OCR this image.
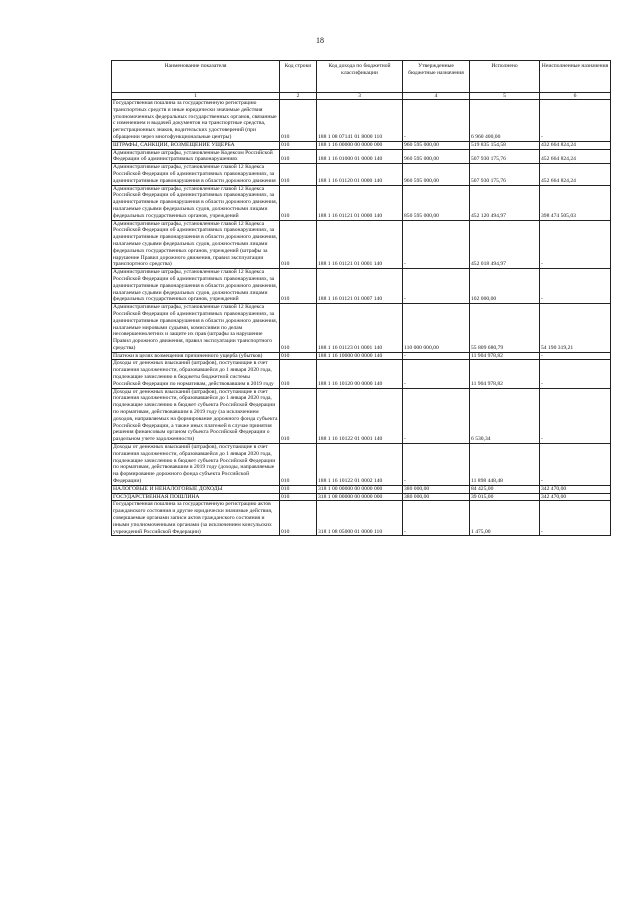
18
Наименование показателя	Код строки	Код дохода по бюджетной классификации	Утвержденные бюджетные назначения	Исполнено	Неисполненные назначения
1	2	3	4	5	6
Государственная пошлина за государственную регистрацию транспортных средств и иные юридически значимые действия уполномоченных федеральных государственных органов, связанные с изменением и выдачей документов на транспортные средства, регистрационных знаков, водительских удостоверений (при обращении через многофункциональные центры)	010	188 1 08 07141 01 8000 110	-	6 960 400,00	-
ШТРАФЫ, САНКЦИИ, ВОЗМЕЩЕНИЕ УЩЕРБА	010	188 1 16 00000 00 0000 000	960 595 000,00	519 835 154,58	432 664 824,24
Административные штрафы, установленные Кодексом Российской Федерации об административных правонарушениях	010	188 1 16 01000 01 0000 140	960 595 000,00	507 930 175,76	452 664 824,24
Административные штрафы, установленные главой 12 Кодекса Российской Федерации об административных правонарушениях, за административные правонарушения в области дорожного движения	010	188 1 16 01120 01 0000 140	960 595 000,00	507 930 175,76	452 664 824,24
Административные штрафы, установленные главой 12 Кодекса Российской Федерации об административных правонарушениях, за административные правонарушения в области дорожного движения, налагаемые судьями федеральных судов, должностными лицами федеральных государственных органов, учреждений	010	188 1 16 01121 01 0000 140	850 595 000,00	452 120 494,97	398 474 505,03
Административные штрафы, установленные главой 12 Кодекса Российской Федерации об административных правонарушениях, за административные правонарушения в области дорожного движения, налагаемые судьями федеральных судов, должностными лицами федеральных государственных органов, учреждений (штрафы за нарушение Правил дорожного движения, правил эксплуатации транспортного средства)	010	188 1 16 01121 01 0001 140	-	452 018 494,97	-
Административные штрафы, установленные главой 12 Кодекса Российской Федерации об административных правонарушениях, за административные правонарушения в области дорожного движения, налагаемые судьями федеральных судов, должностными лицами федеральных государственных органов, учреждений	010	188 1 16 01121 01 0007 140	-	102 000,00	-
Административные штрафы, установленные главой 12 Кодекса Российской Федерации об административных правонарушениях, за административные правонарушения в области дорожного движения, налагаемые мировыми судьями, комиссиями по делам несовершеннолетних и защите их прав (штрафы за нарушение Правил дорожного движения, правил эксплуатации транспортного средства)	010	188 1 16 01123 01 0001 140	110 000 000,00	55 809 680,79	54 190 319,21
Платежи в целях возмещения причиненного ущерба (убытков)	010	188 1 16 10000 00 0000 140	-	11 904 978,82	-
Доходы от денежных взысканий (штрафов), поступающие в счет погашения задолженности, образовавшейся до 1 января 2020 года, подлежащие зачислению в бюджеты бюджетной системы Российской Федерации по нормативам, действовавшим в 2019 году	010	188 1 16 10120 00 0000 140	-	11 904 978,82	-
Доходы от денежных взысканий (штрафов), поступающие в счет погашения задолженности, образовавшейся до 1 января 2020 года, подлежащие зачислению в бюджет субъекта Российской Федерации по нормативам, действовавшим в 2019 году (за исключением доходов, направляемых на формирование дорожного фонда субъекта Российской Федерации, а также иных платежей в случае принятия решения финансовым органом субъекта Российской Федерации о раздельном учете задолженности)	010	188 1 16 10122 01 0001 140	-	6 530,34	-
Доходы от денежных взысканий (штрафов), поступающие в счет погашения задолженности, образовавшейся до 1 января 2020 года, подлежащие зачислению в бюджет субъекта Российской Федерации по нормативам, действовавшим в 2019 году (доходы, направляемые на формирование дорожного фонда субъекта Российской Федерации)	010	188 1 16 10122 01 0002 140	-	11 898 448,48	-
НАЛОГОВЫЕ И НЕНАЛОГОВЫЕ ДОХОДЫ	010	318 1 00 00000 00 0000 000	380 000,00	84 425,00	342 470,00
ГОСУДАРСТВЕННАЯ ПОШЛИНА	010	318 1 08 00000 00 0000 000	380 000,00	39 015,00	342 470,00
Государственная пошлина за государственную регистрацию актов гражданского состояния и другие юридически значимые действия, совершаемые органами записи актов гражданского состояния и иными уполномоченными органами (за исключением консульских учреждений Российской Федерации)	010	318 1 08 05000 01 0000 110	-	1 475,00	-
